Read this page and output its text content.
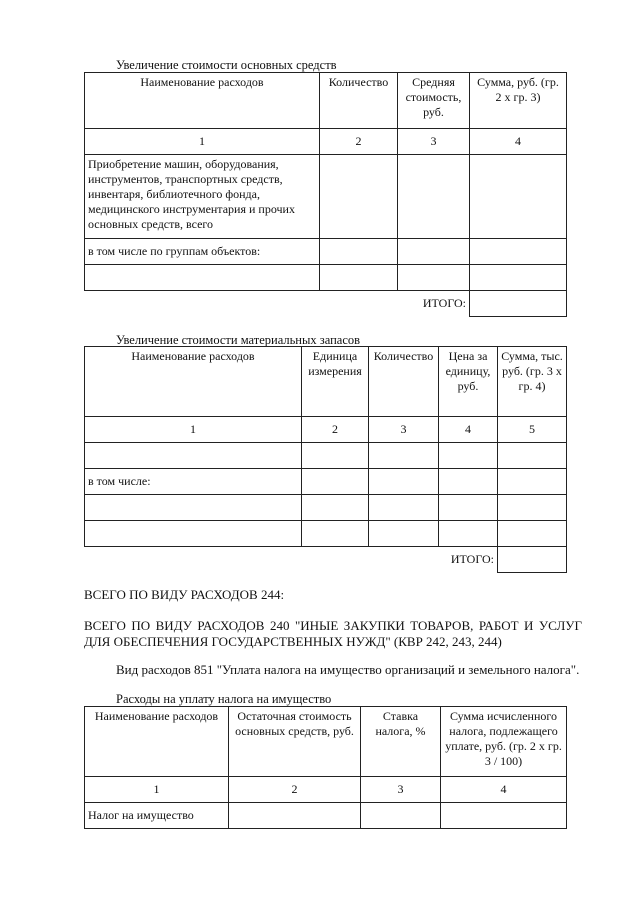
Увеличение стоимости основных средств
Наименование расходов	Количество	Средняя стоимость, руб.	Сумма, руб. (гр. 2 х гр. 3)
1	2	3	4
Приобретение машин, оборудования, инструментов, транспортных средств, инвентаря, библиотечного фонда, медицинского инструментария и прочих основных средств, всего			
в том числе по группам объектов:			

ИТОГО:			
Увеличение стоимости материальных запасов
Наименование расходов	Единица измерения	Количество	Цена за единицу, руб.	Сумма, тыс. руб. (гр. 3 х гр. 4)
1	2	3	4	5

в том числе:				

ИТОГО:				
ВСЕГО ПО ВИДУ РАСХОДОВ 244:
ВСЕГО ПО ВИДУ РАСХОДОВ 240 "ИНЫЕ ЗАКУПКИ ТОВАРОВ, РАБОТ И УСЛУГ
ДЛЯ ОБЕСПЕЧЕНИЯ ГОСУДАРСТВЕННЫХ НУЖД" (КВР 242, 243, 244)
Вид расходов 851 "Уплата налога на имущество организаций и земельного налога".
Расходы на уплату налога на имущество
Наименование расходов	Остаточная стоимость основных средств, руб.	Ставка налога, %	Сумма исчисленного налога, подлежащего уплате, руб. (гр. 2 х гр. 3 / 100)
1	2	3	4
Налог на имущество			
